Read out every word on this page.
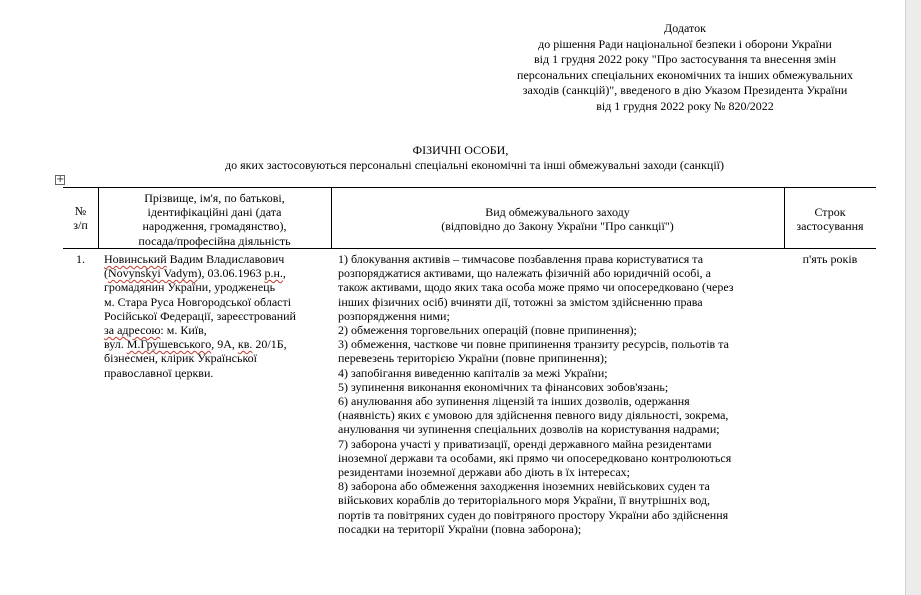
Додаток
до рішення Ради національної безпеки і оборони України
від 1 грудня 2022 року "Про застосування та внесення змін
персональних спеціальних економічних та інших обмежувальних
заходів (санкцій)", введеного в дію Указом Президента України
від 1 грудня 2022 року № 820/2022
ФІЗИЧНІ ОСОБИ,
до яких застосовуються персональні спеціальні економічні та інші обмежувальні заходи (санкції)
+
№
з/п
Прізвище, ім'я, по батькові,
ідентифікаційні дані (дата
народження, громадянство),
посада/професійна діяльність
Вид обмежувального заходу
(відповідно до Закону України "Про санкції")
Строк
застосування
1. Новинський Вадим Владиславович
(Novynskyi Vadym), 03.06.1963 р.н.,
громадянин України, уродженець
м. Стара Руса Новгородської області
Російської Федерації, зареєстрований
за адресою: м. Київ,
вул. М.Грушевського, 9А, кв. 20/1Б,
бізнесмен, клірик Української
православної церкви.
1) блокування активів – тимчасове позбавлення права користуватися та
розпоряджатися активами, що належать фізичній або юридичній особі, а
також активами, щодо яких така особа може прямо чи опосередковано (через
інших фізичних осіб) вчиняти дії, тотожні за змістом здійсненню права
розпорядження ними;
2) обмеження торговельних операцій (повне припинення);
3) обмеження, часткове чи повне припинення транзиту ресурсів, польотів та
перевезень територією України (повне припинення);
4) запобігання виведенню капіталів за межі України;
5) зупинення виконання економічних та фінансових зобов'язань;
6) анулювання або зупинення ліцензій та інших дозволів, одержання
(наявність) яких є умовою для здійснення певного виду діяльності, зокрема,
анулювання чи зупинення спеціальних дозволів на користування надрами;
7) заборона участі у приватизації, оренді державного майна резидентами
іноземної держави та особами, які прямо чи опосередковано контролюються
резидентами іноземної держави або діють в їх інтересах;
8) заборона або обмеження заходження іноземних невійськових суден та
військових кораблів до територіального моря України, її внутрішніх вод,
портів та повітряних суден до повітряного простору України або здійснення
посадки на території України (повна заборона);
п'ять років
